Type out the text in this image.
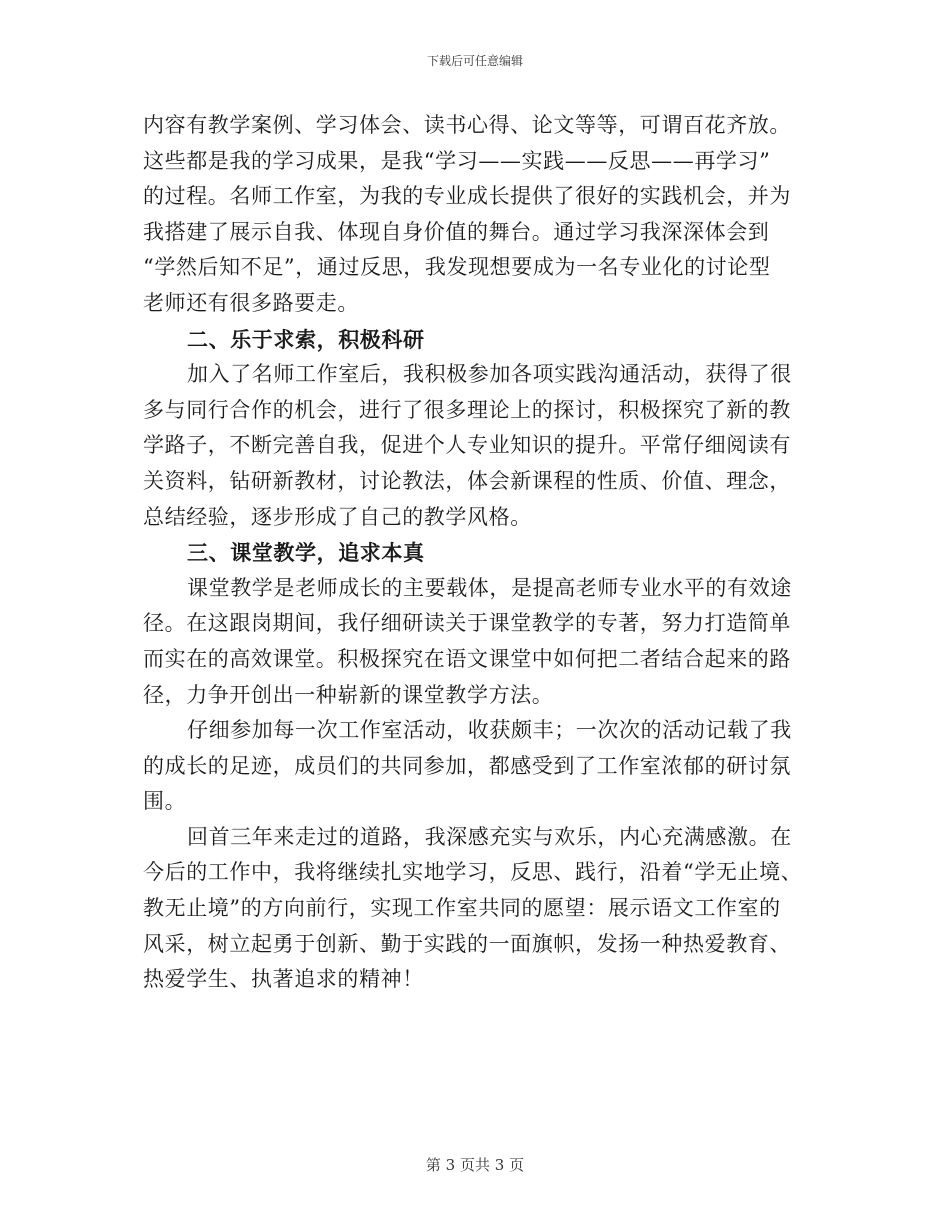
下载后可任意编辑
内容有教学案例、学习体会、读书心得、论文等等，可谓百花齐放。
这些都是我的学习成果，是我“学习——实践——反思——再学习”
的过程。名师工作室，为我的专业成长提供了很好的实践机会，并为
我搭建了展示自我、体现自身价值的舞台。通过学习我深深体会到
“学然后知不足”，通过反思，我发现想要成为一名专业化的讨论型
老师还有很多路要走。
二、乐于求索，积极科研
加入了名师工作室后，我积极参加各项实践沟通活动，获得了很
多与同行合作的机会，进行了很多理论上的探讨，积极探究了新的教
学路子，不断完善自我，促进个人专业知识的提升。平常仔细阅读有
关资料，钻研新教材，讨论教法，体会新课程的性质、价值、理念，
总结经验，逐步形成了自己的教学风格。
三、课堂教学，追求本真
课堂教学是老师成长的主要载体，是提高老师专业水平的有效途
径。在这跟岗期间，我仔细研读关于课堂教学的专著，努力打造简单
而实在的高效课堂。积极探究在语文课堂中如何把二者结合起来的路
径，力争开创出一种崭新的课堂教学方法。
仔细参加每一次工作室活动，收获颇丰；一次次的活动记载了我
的成长的足迹，成员们的共同参加，都感受到了工作室浓郁的研讨氛
围。
回首三年来走过的道路，我深感充实与欢乐，内心充满感激。在
今后的工作中，我将继续扎实地学习，反思、践行，沿着“学无止境、
教无止境”的方向前行，实现工作室共同的愿望：展示语文工作室的
风采，树立起勇于创新、勤于实践的一面旗帜，发扬一种热爱教育、
热爱学生、执著追求的精神！
第 3 页共 3 页
